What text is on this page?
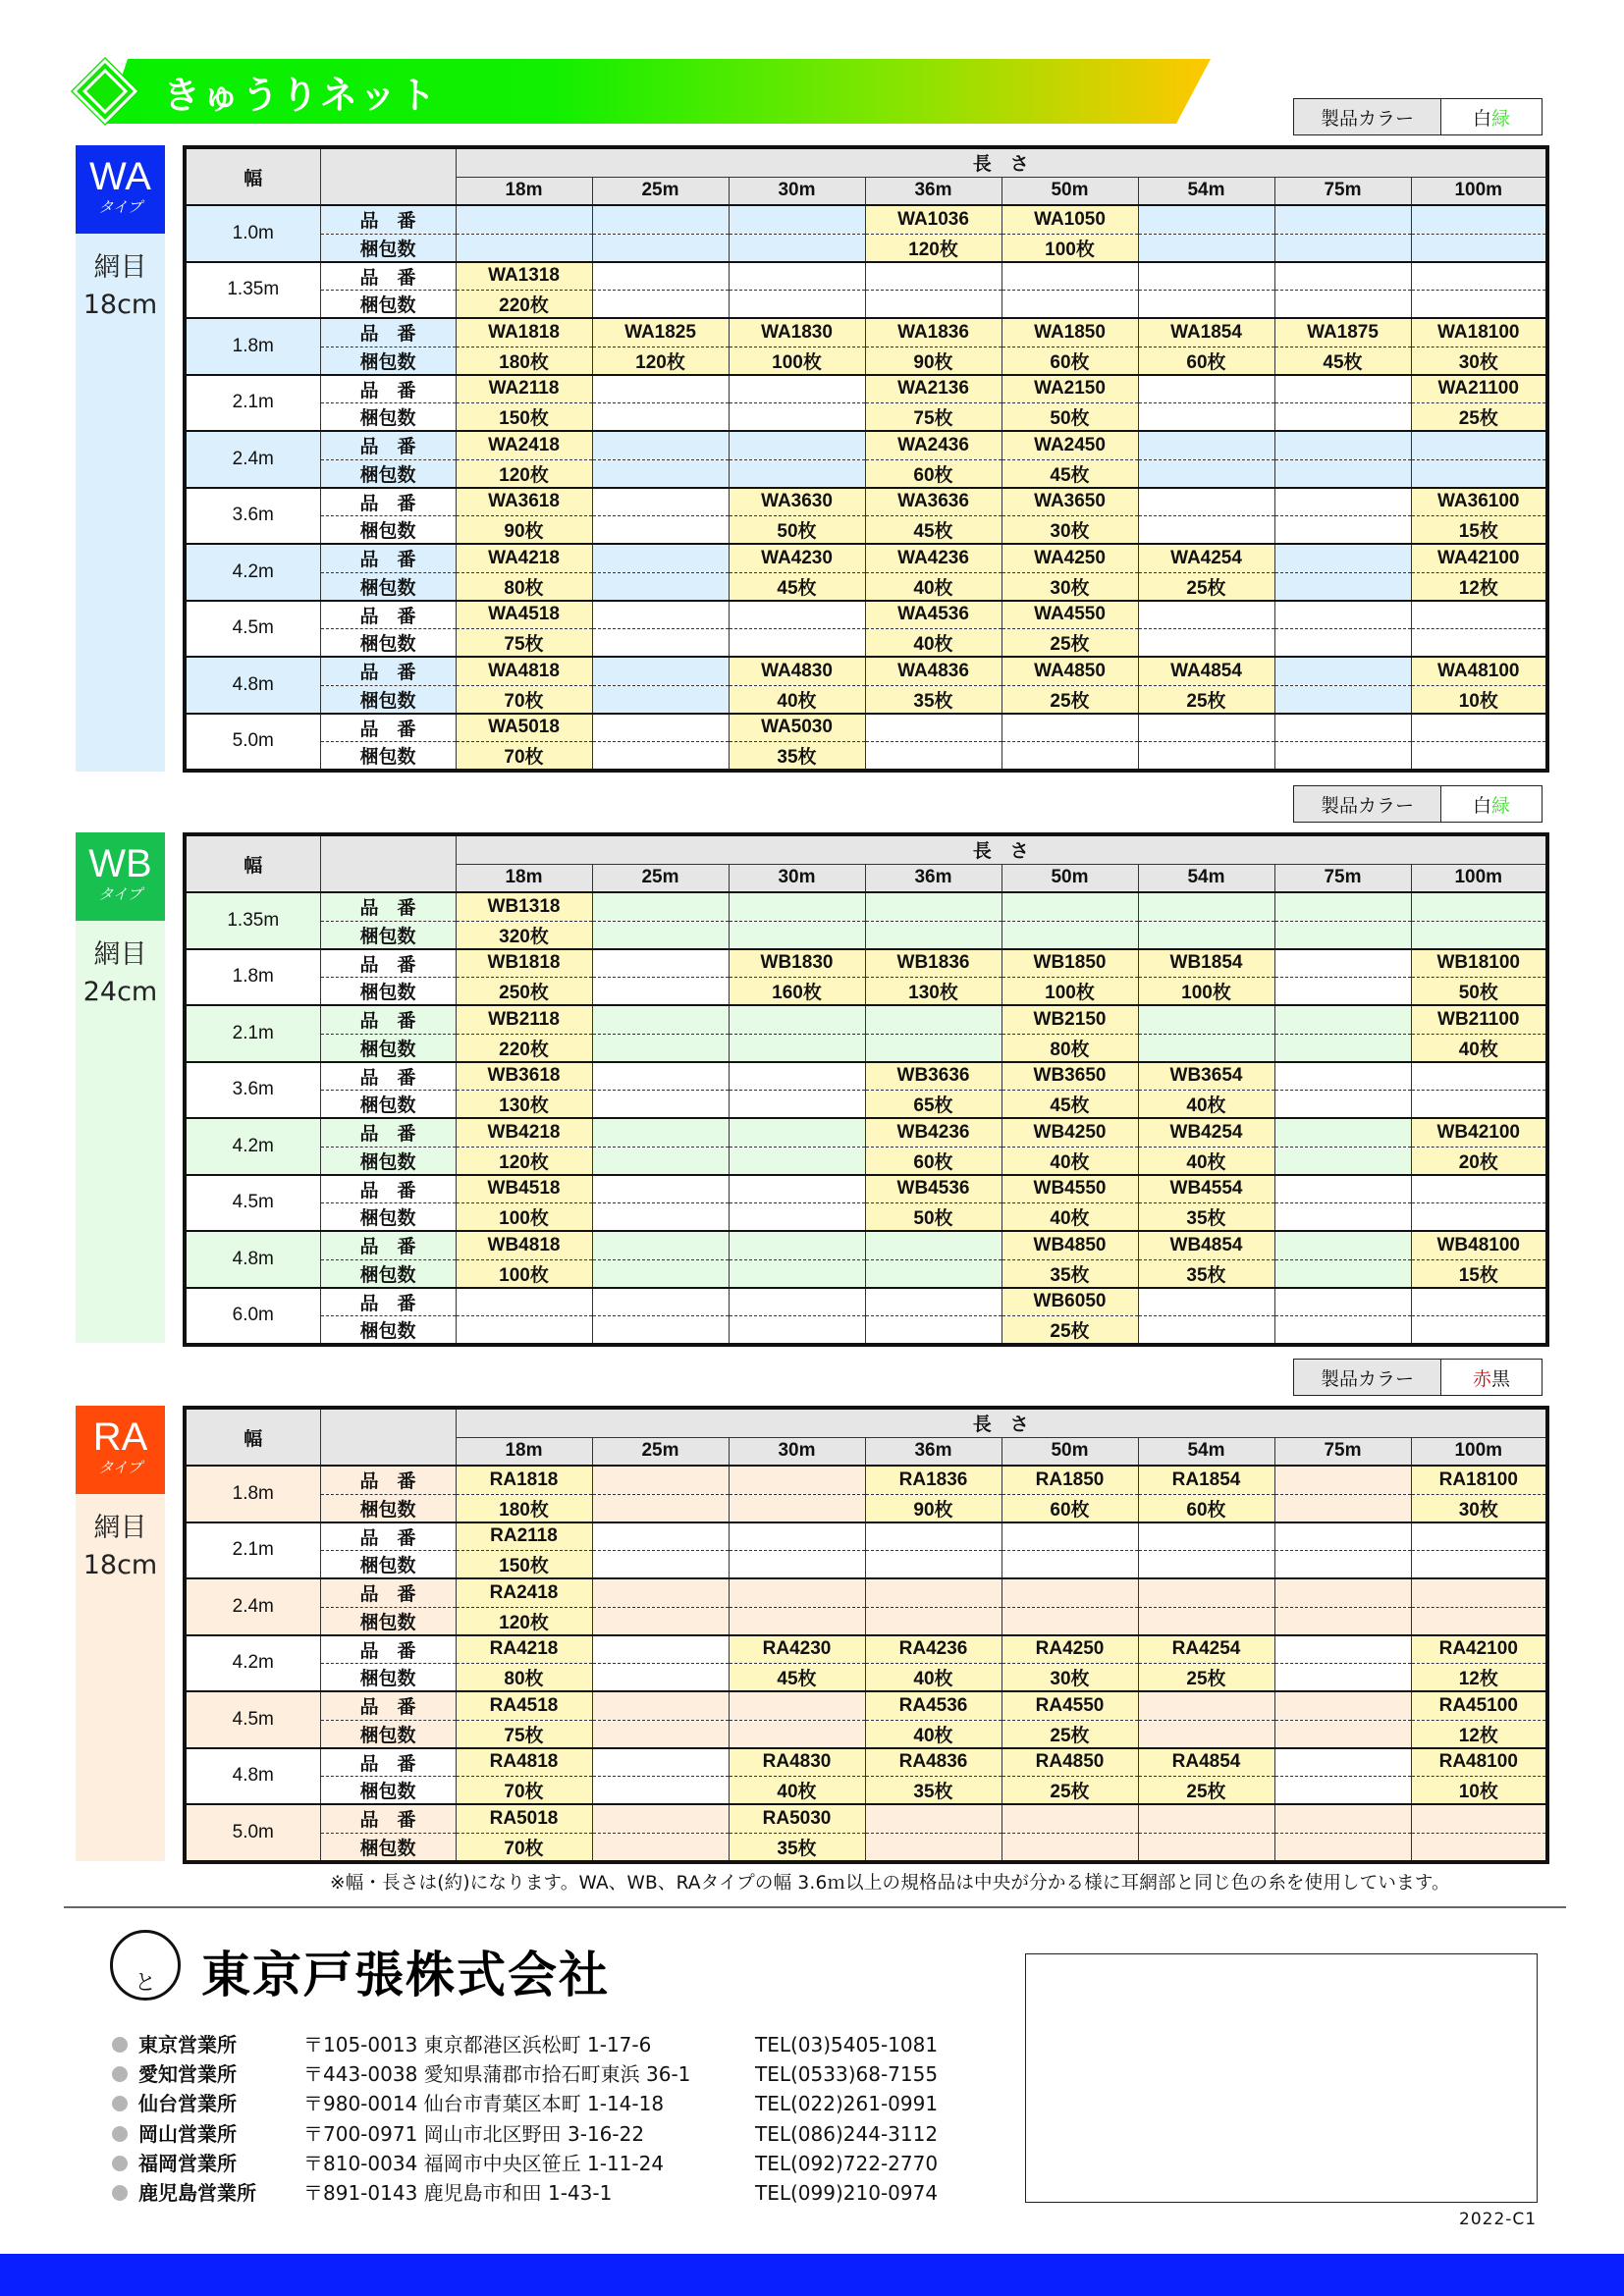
きゅうりネット
製品カラー	白 緑
WA
タイプ
網目
18cm
幅		長　さ							
		18m	25m	30m	36m	50m	54m	75m	100m
1.0m	品　番				WA1036	WA1050			
	梱包数				120枚	100枚			
1.35m	品　番	WA1318							
	梱包数	220枚							
1.8m	品　番	WA1818	WA1825	WA1830	WA1836	WA1850	WA1854	WA1875	WA18100
	梱包数	180枚	120枚	100枚	90枚	60枚	60枚	45枚	30枚
2.1m	品　番	WA2118			WA2136	WA2150			WA21100
	梱包数	150枚			75枚	50枚			25枚
2.4m	品　番	WA2418			WA2436	WA2450			
	梱包数	120枚			60枚	45枚			
3.6m	品　番	WA3618		WA3630	WA3636	WA3650			WA36100
	梱包数	90枚		50枚	45枚	30枚			15枚
4.2m	品　番	WA4218		WA4230	WA4236	WA4250	WA4254		WA42100
	梱包数	80枚		45枚	40枚	30枚	25枚		12枚
4.5m	品　番	WA4518			WA4536	WA4550			
	梱包数	75枚			40枚	25枚			
4.8m	品　番	WA4818		WA4830	WA4836	WA4850	WA4854		WA48100
	梱包数	70枚		40枚	35枚	25枚	25枚		10枚
5.0m	品　番	WA5018		WA5030					
	梱包数	70枚		35枚					
製品カラー	白 緑
WB
タイプ
網目
24cm
幅		長　さ							
		18m	25m	30m	36m	50m	54m	75m	100m
1.35m	品　番	WB1318							
	梱包数	320枚							
1.8m	品　番	WB1818		WB1830	WB1836	WB1850	WB1854		WB18100
	梱包数	250枚		160枚	130枚	100枚	100枚		50枚
2.1m	品　番	WB2118				WB2150			WB21100
	梱包数	220枚				80枚			40枚
3.6m	品　番	WB3618			WB3636	WB3650	WB3654		
	梱包数	130枚			65枚	45枚	40枚		
4.2m	品　番	WB4218			WB4236	WB4250	WB4254		WB42100
	梱包数	120枚			60枚	40枚	40枚		20枚
4.5m	品　番	WB4518			WB4536	WB4550	WB4554		
	梱包数	100枚			50枚	40枚	35枚		
4.8m	品　番	WB4818				WB4850	WB4854		WB48100
	梱包数	100枚				35枚	35枚		15枚
6.0m	品　番					WB6050			
	梱包数					25枚			
製品カラー	赤 黒
RA
タイプ
網目
18cm
幅		長　さ							
		18m	25m	30m	36m	50m	54m	75m	100m
1.8m	品　番	RA1818			RA1836	RA1850	RA1854		RA18100
	梱包数	180枚			90枚	60枚	60枚		30枚
2.1m	品　番	RA2118							
	梱包数	150枚							
2.4m	品　番	RA2418							
	梱包数	120枚							
4.2m	品　番	RA4218		RA4230	RA4236	RA4250	RA4254		RA42100
	梱包数	80枚		45枚	40枚	30枚	25枚		12枚
4.5m	品　番	RA4518			RA4536	RA4550			RA45100
	梱包数	75枚			40枚	25枚			12枚
4.8m	品　番	RA4818		RA4830	RA4836	RA4850	RA4854		RA48100
	梱包数	70枚		40枚	35枚	25枚	25枚		10枚
5.0m	品　番	RA5018		RA5030					
	梱包数	70枚		35枚					
※幅・長さは(約)になります。WA、WB、RAタイプの幅 3.6ｍ以上の規格品は中央が分かる様に耳網部と同じ色の糸を使用しています。
と 東京戸張株式会社
東京営業所	〒105-0013 東京都港区浜松町 1-17-6	TEL(03)5405-1081
愛知営業所	〒443-0038 愛知県蒲郡市拾石町東浜 36-1	TEL(0533)68-7155
仙台営業所	〒980-0014 仙台市青葉区本町 1-14-18	TEL(022)261-0991
岡山営業所	〒700-0971 岡山市北区野田 3-16-22	TEL(086)244-3112
福岡営業所	〒810-0034 福岡市中央区笹丘 1-11-24	TEL(092)722-2770
鹿児島営業所	〒891-0143 鹿児島市和田 1-43-1	TEL(099)210-0974
2022-C1
